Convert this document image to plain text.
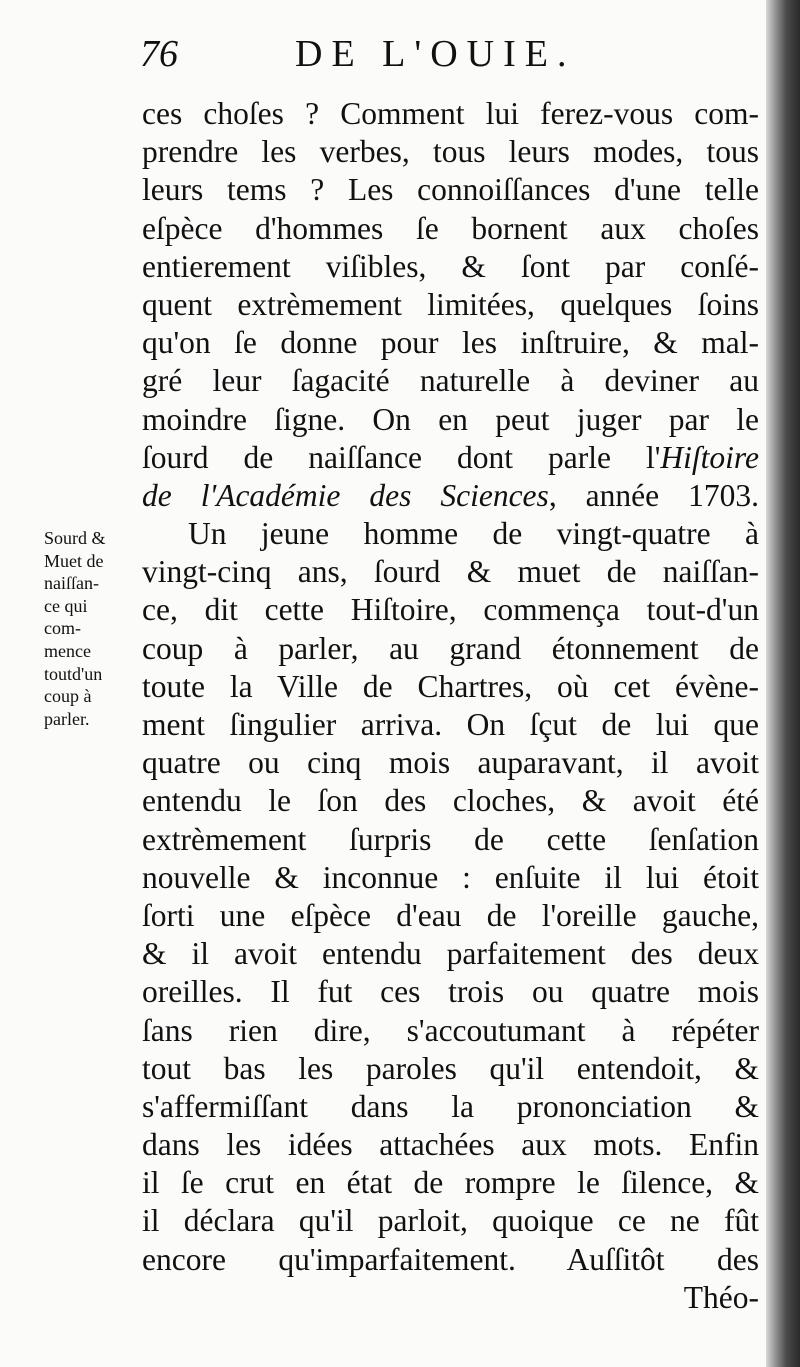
76	DE L'OUIE.
Sourd &
Muet de
naiſſan-
ce qui
com-
mence
toutd'un
coup à
parler.
ces choſes ? Comment lui ferez-vous com-
prendre les verbes, tous leurs modes, tous
leurs tems ? Les connoiſſances d'une telle
eſpèce d'hommes ſe bornent aux choſes
entierement viſibles, & ſont par conſé-
quent extrèmement limitées, quelques ſoins
qu'on ſe donne pour les inſtruire, & mal-
gré leur ſagacité naturelle à deviner au
moindre ſigne. On en peut juger par le
ſourd de naiſſance dont parle l'Hiſtoire
de l'Académie des Sciences, année 1703.
Un jeune homme de vingt-quatre à
vingt-cinq ans, ſourd & muet de naiſſan-
ce, dit cette Hiſtoire, commença tout-d'un
coup à parler, au grand étonnement de
toute la Ville de Chartres, où cet évène-
ment ſingulier arriva. On ſçut de lui que
quatre ou cinq mois auparavant, il avoit
entendu le ſon des cloches, & avoit été
extrèmement ſurpris de cette ſenſation
nouvelle & inconnue : enſuite il lui étoit
ſorti une eſpèce d'eau de l'oreille gauche,
& il avoit entendu parfaitement des deux
oreilles. Il fut ces trois ou quatre mois
ſans rien dire, s'accoutumant à répéter
tout bas les paroles qu'il entendoit, &
s'affermiſſant dans la prononciation &
dans les idées attachées aux mots. Enfin
il ſe crut en état de rompre le ſilence, &
il déclara qu'il parloit, quoique ce ne fût
encore qu'imparfaitement. Auſſitôt des
Théo-
